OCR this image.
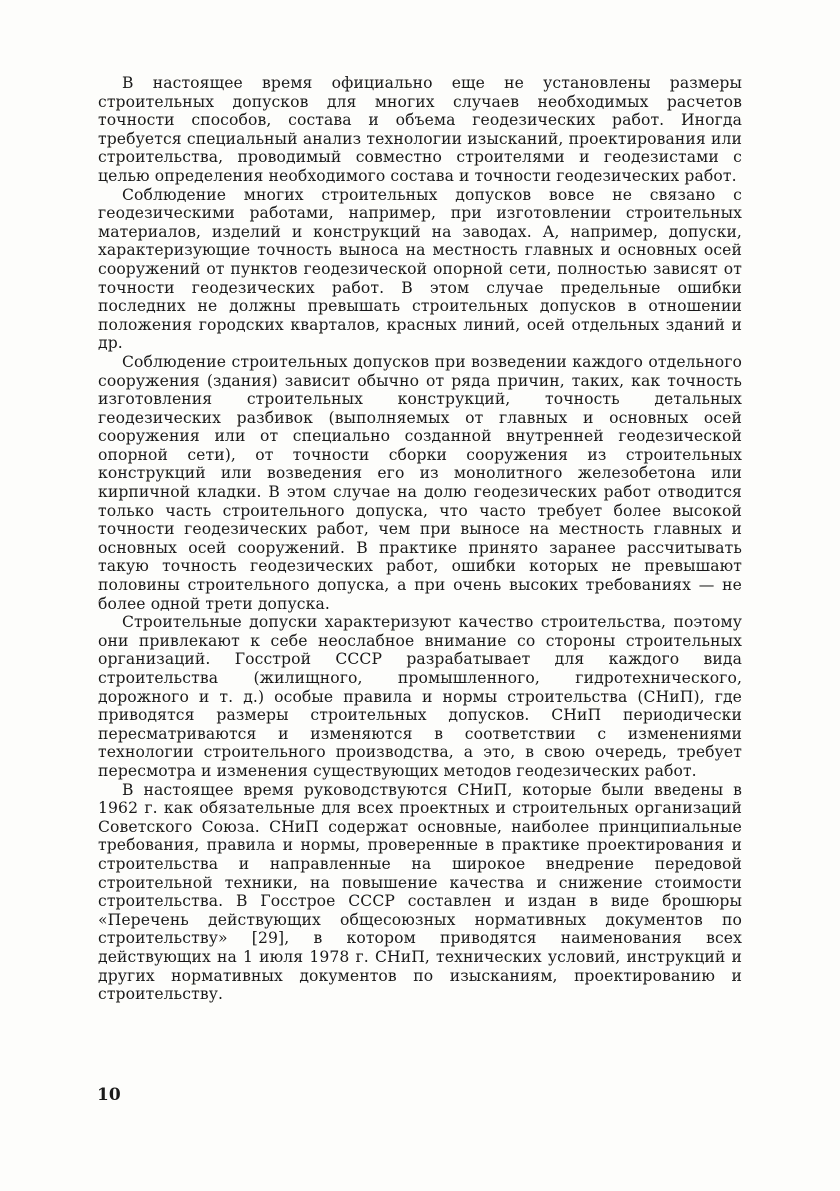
В настоящее время официально еще не установлены размеры строительных допусков для многих случаев необходимых расчетов точности способов, состава и объема геодезических работ. Иногда требуется специальный анализ технологии изысканий, проектирования или строительства, проводимый совместно строителями и геодезистами с целью определения необходимого состава и точности геодезических работ.

Соблюдение многих строительных допусков вовсе не связано с геодезическими работами, например, при изготовлении строительных материалов, изделий и конструкций на заводах. А, например, допуски, характеризующие точность выноса на местность главных и основных осей сооружений от пунктов геодезической опорной сети, полностью зависят от точности геодезических работ. В этом случае предельные ошибки последних не должны превышать строительных допусков в отношении положения городских кварталов, красных линий, осей отдельных зданий и др.

Соблюдение строительных допусков при возведении каждого отдельного сооружения (здания) зависит обычно от ряда причин, таких, как точность изготовления строительных конструкций, точность детальных геодезических разбивок (выполняемых от главных и основных осей сооружения или от специально созданной внутренней геодезической опорной сети), от точности сборки сооружения из строительных конструкций или возведения его из монолитного железобетона или кирпичной кладки. В этом случае на долю геодезических работ отводится только часть строительного допуска, что часто требует более высокой точности геодезических работ, чем при выносе на местность главных и основных осей сооружений. В практике принято заранее рассчитывать такую точность геодезических работ, ошибки которых не превышают половины строительного допуска, а при очень высоких требованиях — не более одной трети допуска.

Строительные допуски характеризуют качество строительства, поэтому они привлекают к себе неослабное внимание со стороны строительных организаций. Госстрой СССР разрабатывает для каждого вида строительства (жилищного, промышленного, гидротехнического, дорожного и т. д.) особые правила и нормы строительства (СНиП), где приводятся размеры строительных допусков. СНиП периодически пересматриваются и изменяются в соответствии с изменениями технологии строительного производства, а это, в свою очередь, требует пересмотра и изменения существующих методов геодезических работ.

В настоящее время руководствуются СНиП, которые были введены в 1962 г. как обязательные для всех проектных и строительных организаций Советского Союза. СНиП содержат основные, наиболее принципиальные требования, правила и нормы, проверенные в практике проектирования и строительства и направленные на широкое внедрение передовой строительной техники, на повышение качества и снижение стоимости строительства. В Госстрое СССР составлен и издан в виде брошюры «Перечень действующих общесоюзных нормативных документов по строительству» [29], в котором приводятся наименования всех действующих на 1 июля 1978 г. СНиП, технических условий, инструкций и других нормативных документов по изысканиям, проектированию и строительству.

10
